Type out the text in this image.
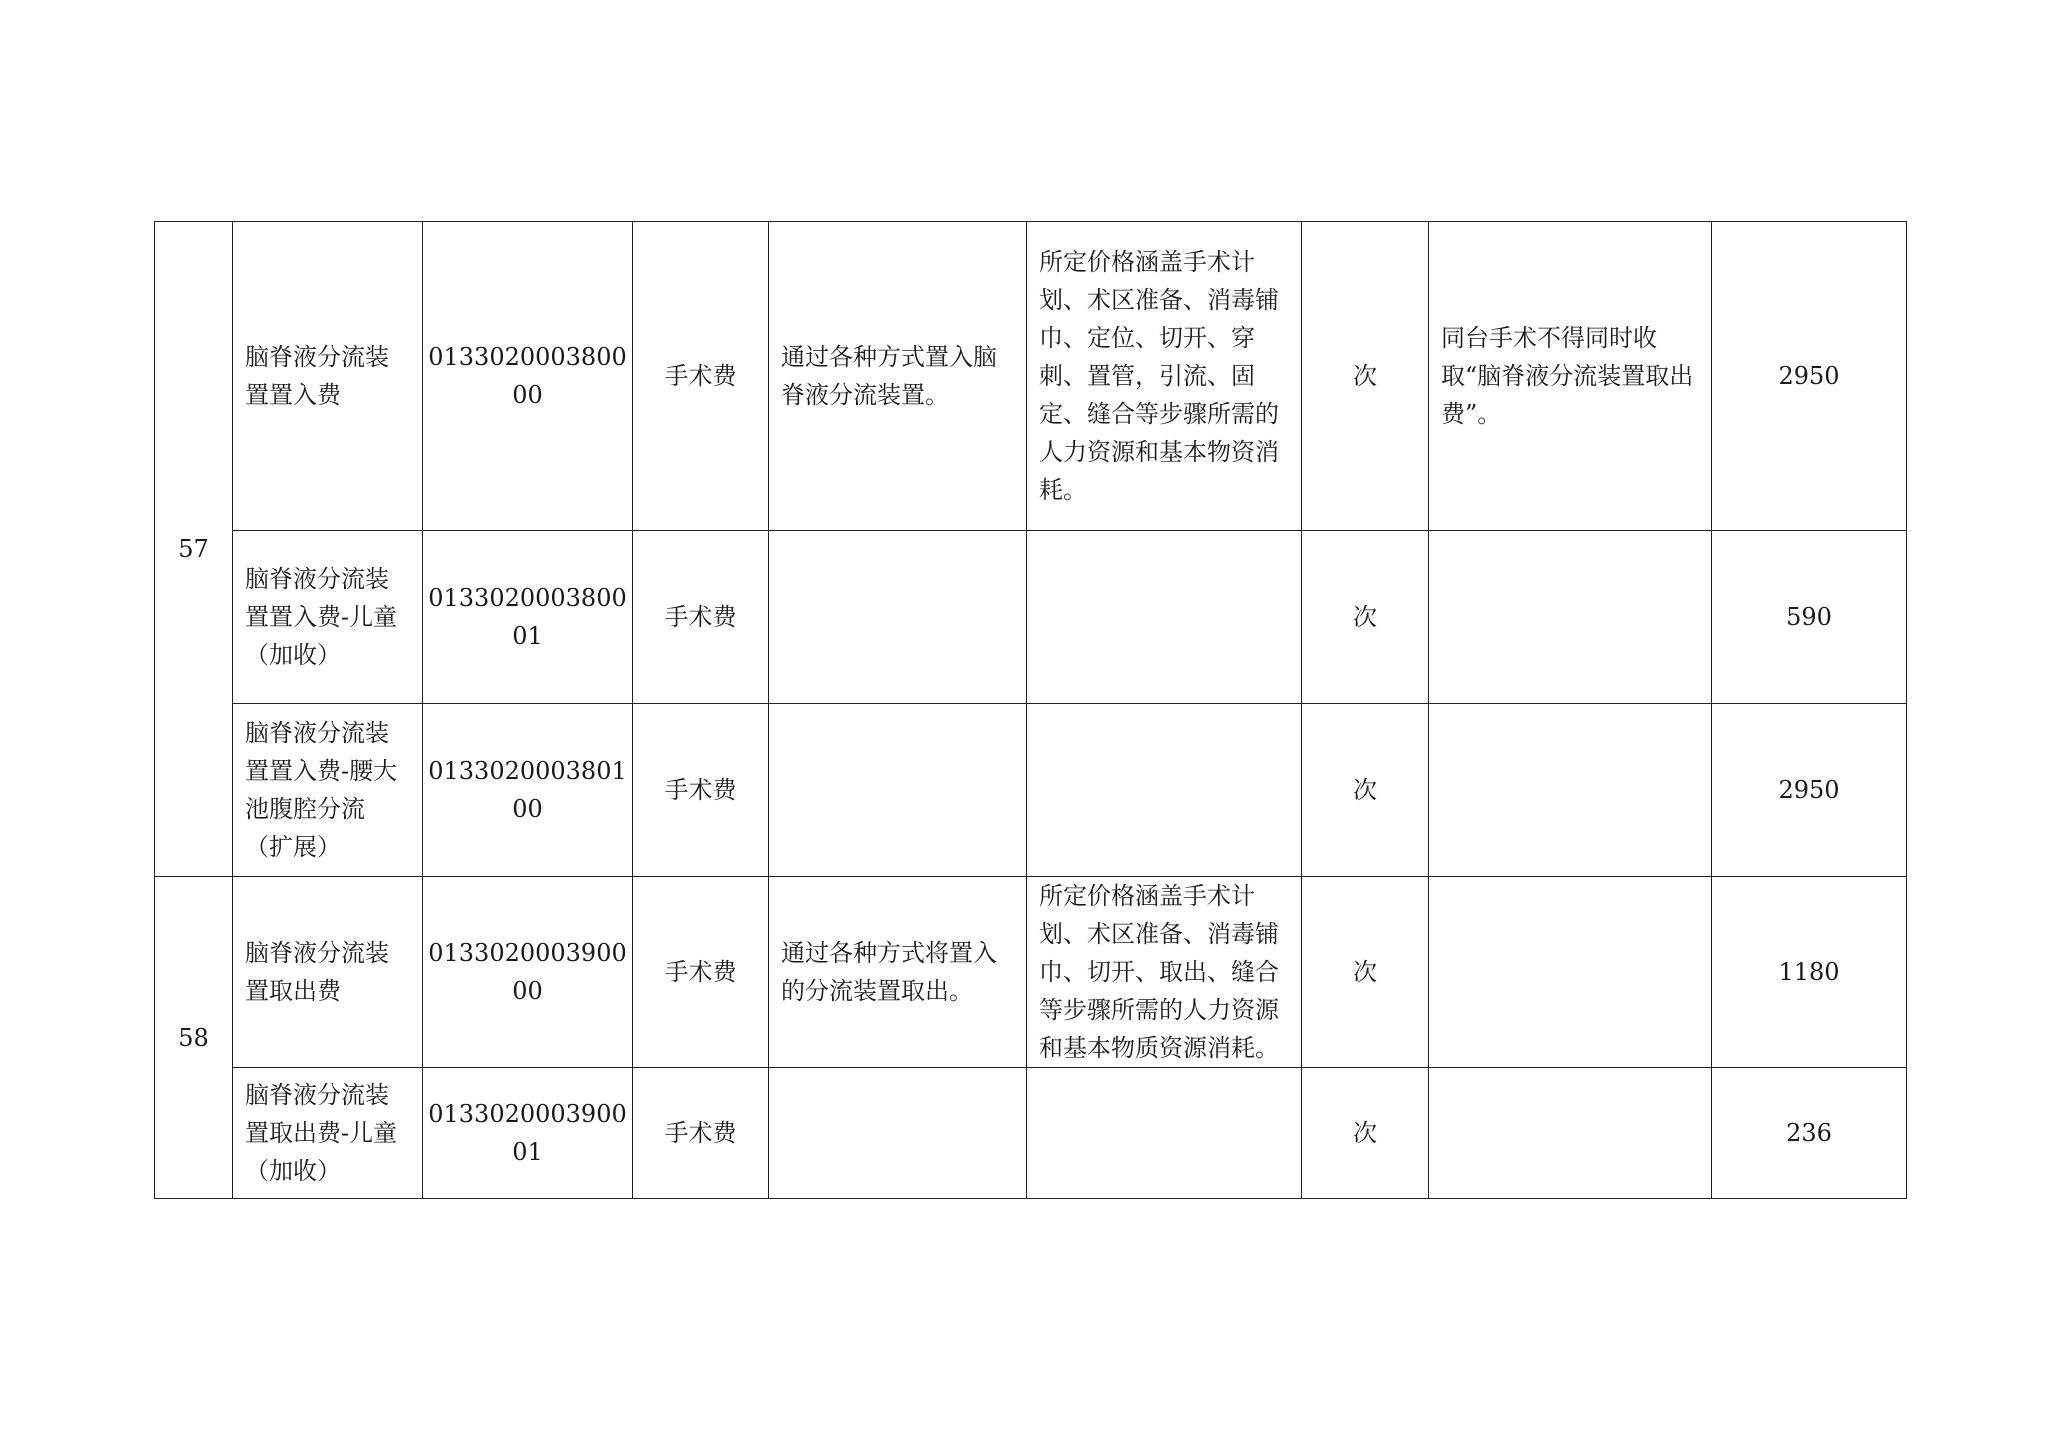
57	脑脊液分流装置置入费	013302000380000	手术费	通过各种方式置入脑脊液分流装置。	所定价格涵盖手术计划、术区准备、消毒铺巾、定位、切开、穿刺、置管，引流、固定、缝合等步骤所需的人力资源和基本物资消耗。	次	同台手术不得同时收取“脑脊液分流装置取出费”。	2950
	脑脊液分流装置置入费-儿童（加收）	013302000380001	手术费			次		590
	脑脊液分流装置置入费-腰大池腹腔分流（扩展）	013302000380100	手术费			次		2950
58	脑脊液分流装置取出费	013302000390000	手术费	通过各种方式将置入的分流装置取出。	所定价格涵盖手术计划、术区准备、消毒铺巾、切开、取出、缝合等步骤所需的人力资源和基本物质资源消耗。	次		1180
	脑脊液分流装置取出费-儿童（加收）	013302000390001	手术费			次		236
